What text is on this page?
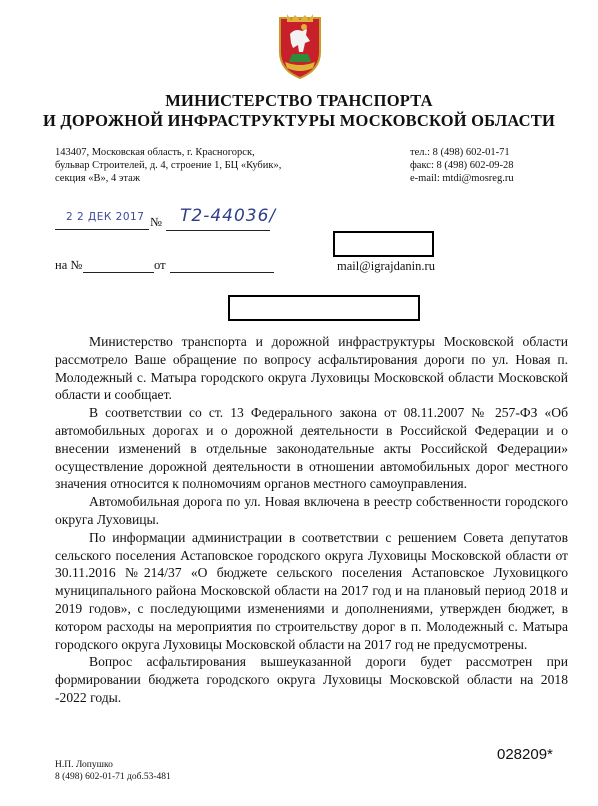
МИНИСТЕРСТВО ТРАНСПОРТА
И ДОРОЖНОЙ ИНФРАСТРУКТУРЫ МОСКОВСКОЙ ОБЛАСТИ
143407, Московская область, г. Красногорск,
бульвар Строителей, д. 4, строение 1, БЦ «Кубик»,
секция «В», 4 этаж
тел.: 8 (498) 602-01-71
факс: 8 (498) 602-09-28
e-mail: mtdi@mosreg.ru
2 2 ДЕК 2017 № Т2-44036/
на №	от	mail@igrajdanin.ru

Министерство транспорта и дорожной инфраструктуры Московской области рассмотрело Ваше обращение по вопросу асфальтирования дороги по ул. Новая п. Молодежный с. Матыра городского округа Луховицы Московской области Московской области и сообщает.

В соответствии со ст. 13 Федерального закона от 08.11.2007 № 257-ФЗ «Об автомобильных дорогах и о дорожной деятельности в Российской Федерации и о внесении изменений в отдельные законодательные акты Российской Федерации» осуществление дорожной деятельности в отношении автомобильных дорог местного значения относится к полномочиям органов местного самоуправления.

Автомобильная дорога по ул. Новая включена в реестр собственности городского округа Луховицы.

По информации администрации в соответствии с решением Совета депутатов сельского поселения Астаповское городского округа Луховицы Московской области от 30.11.2016 №214/37 «О бюджете сельского поселения Астаповское Луховицкого муниципального района Московской области на 2017 год и на плановый период 2018 и 2019 годов», с последующими изменениями и дополнениями, утвержден бюджет, в котором расходы на мероприятия по строительству дорог в п. Молодежный с. Матыра городского округа Луховицы Московской области на 2017 год не предусмотрены.

Вопрос асфальтирования вышеуказанной дороги будет рассмотрен при формировании бюджета городского округа Луховицы Московской области на 2018 -2022 годы.

Н.П. Лопушко
8 (498) 602-01-71 доб.53-481
028209*
